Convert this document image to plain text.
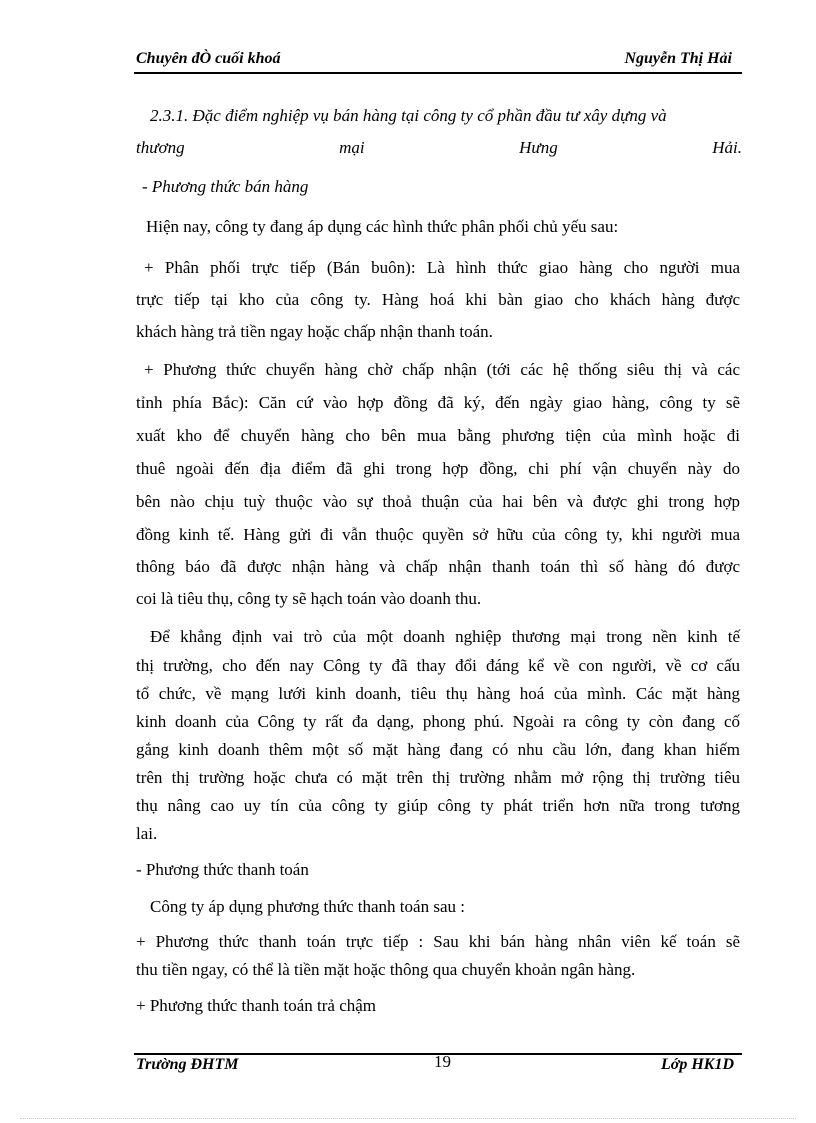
Chuyên đÒ cuối khoá	Nguyễn Thị Hải
2.3.1. Đặc điểm nghiệp vụ bán hàng tại công ty cổ phần đầu tư xây dựng và
thương mại Hưng Hải.
- Phương thức bán hàng
Hiện nay, công ty đang áp dụng các hình thức phân phối chủ yếu sau:
+ Phân phối trực tiếp (Bán buôn): Là hình thức giao hàng cho người mua
trực tiếp tại kho của công ty. Hàng hoá khi bàn giao cho khách hàng được
khách hàng trả tiền ngay hoặc chấp nhận thanh toán.
+ Phương thức chuyển hàng chờ chấp nhận (tới các hệ thống siêu thị và các
tỉnh phía Bắc): Căn cứ vào hợp đồng đã ký, đến ngày giao hàng, công ty sẽ
xuất kho để chuyển hàng cho bên mua bằng phương tiện của mình hoặc đi
thuê ngoài đến địa điểm đã ghi trong hợp đồng, chi phí vận chuyển này do
bên nào chịu tuỳ thuộc vào sự thoả thuận của hai bên và được ghi trong hợp
đồng kinh tế. Hàng gửi đi vẫn thuộc quyền sở hữu của công ty, khi người mua
thông báo đã được nhận hàng và chấp nhận thanh toán thì số hàng đó được
coi là tiêu thụ, công ty sẽ hạch toán vào doanh thu.
Để khẳng định vai trò của một doanh nghiệp thương mại trong nền kinh tế
thị trường, cho đến nay Công ty đã thay đổi đáng kể về con người, về cơ cấu
tổ chức, về mạng lưới kinh doanh, tiêu thụ hàng hoá của mình. Các mặt hàng
kinh doanh của Công ty rất đa dạng, phong phú. Ngoài ra công ty còn đang cố
gắng kinh doanh thêm một số mặt hàng đang có nhu cầu lớn, đang khan hiếm
trên thị trường hoặc chưa có mặt trên thị trường nhằm mở rộng thị trường tiêu
thụ nâng cao uy tín của công ty giúp công ty phát triển hơn nữa trong tương
lai.
- Phương thức thanh toán
Công ty áp dụng phương thức thanh toán sau :
+ Phương thức thanh toán trực tiếp : Sau khi bán hàng nhân viên kế toán sẽ
thu tiền ngay, có thể là tiền mặt hoặc thông qua chuyển khoản ngân hàng.
+ Phương thức thanh toán trả chậm
Trường ĐHTM	19	Lớp HK1D
